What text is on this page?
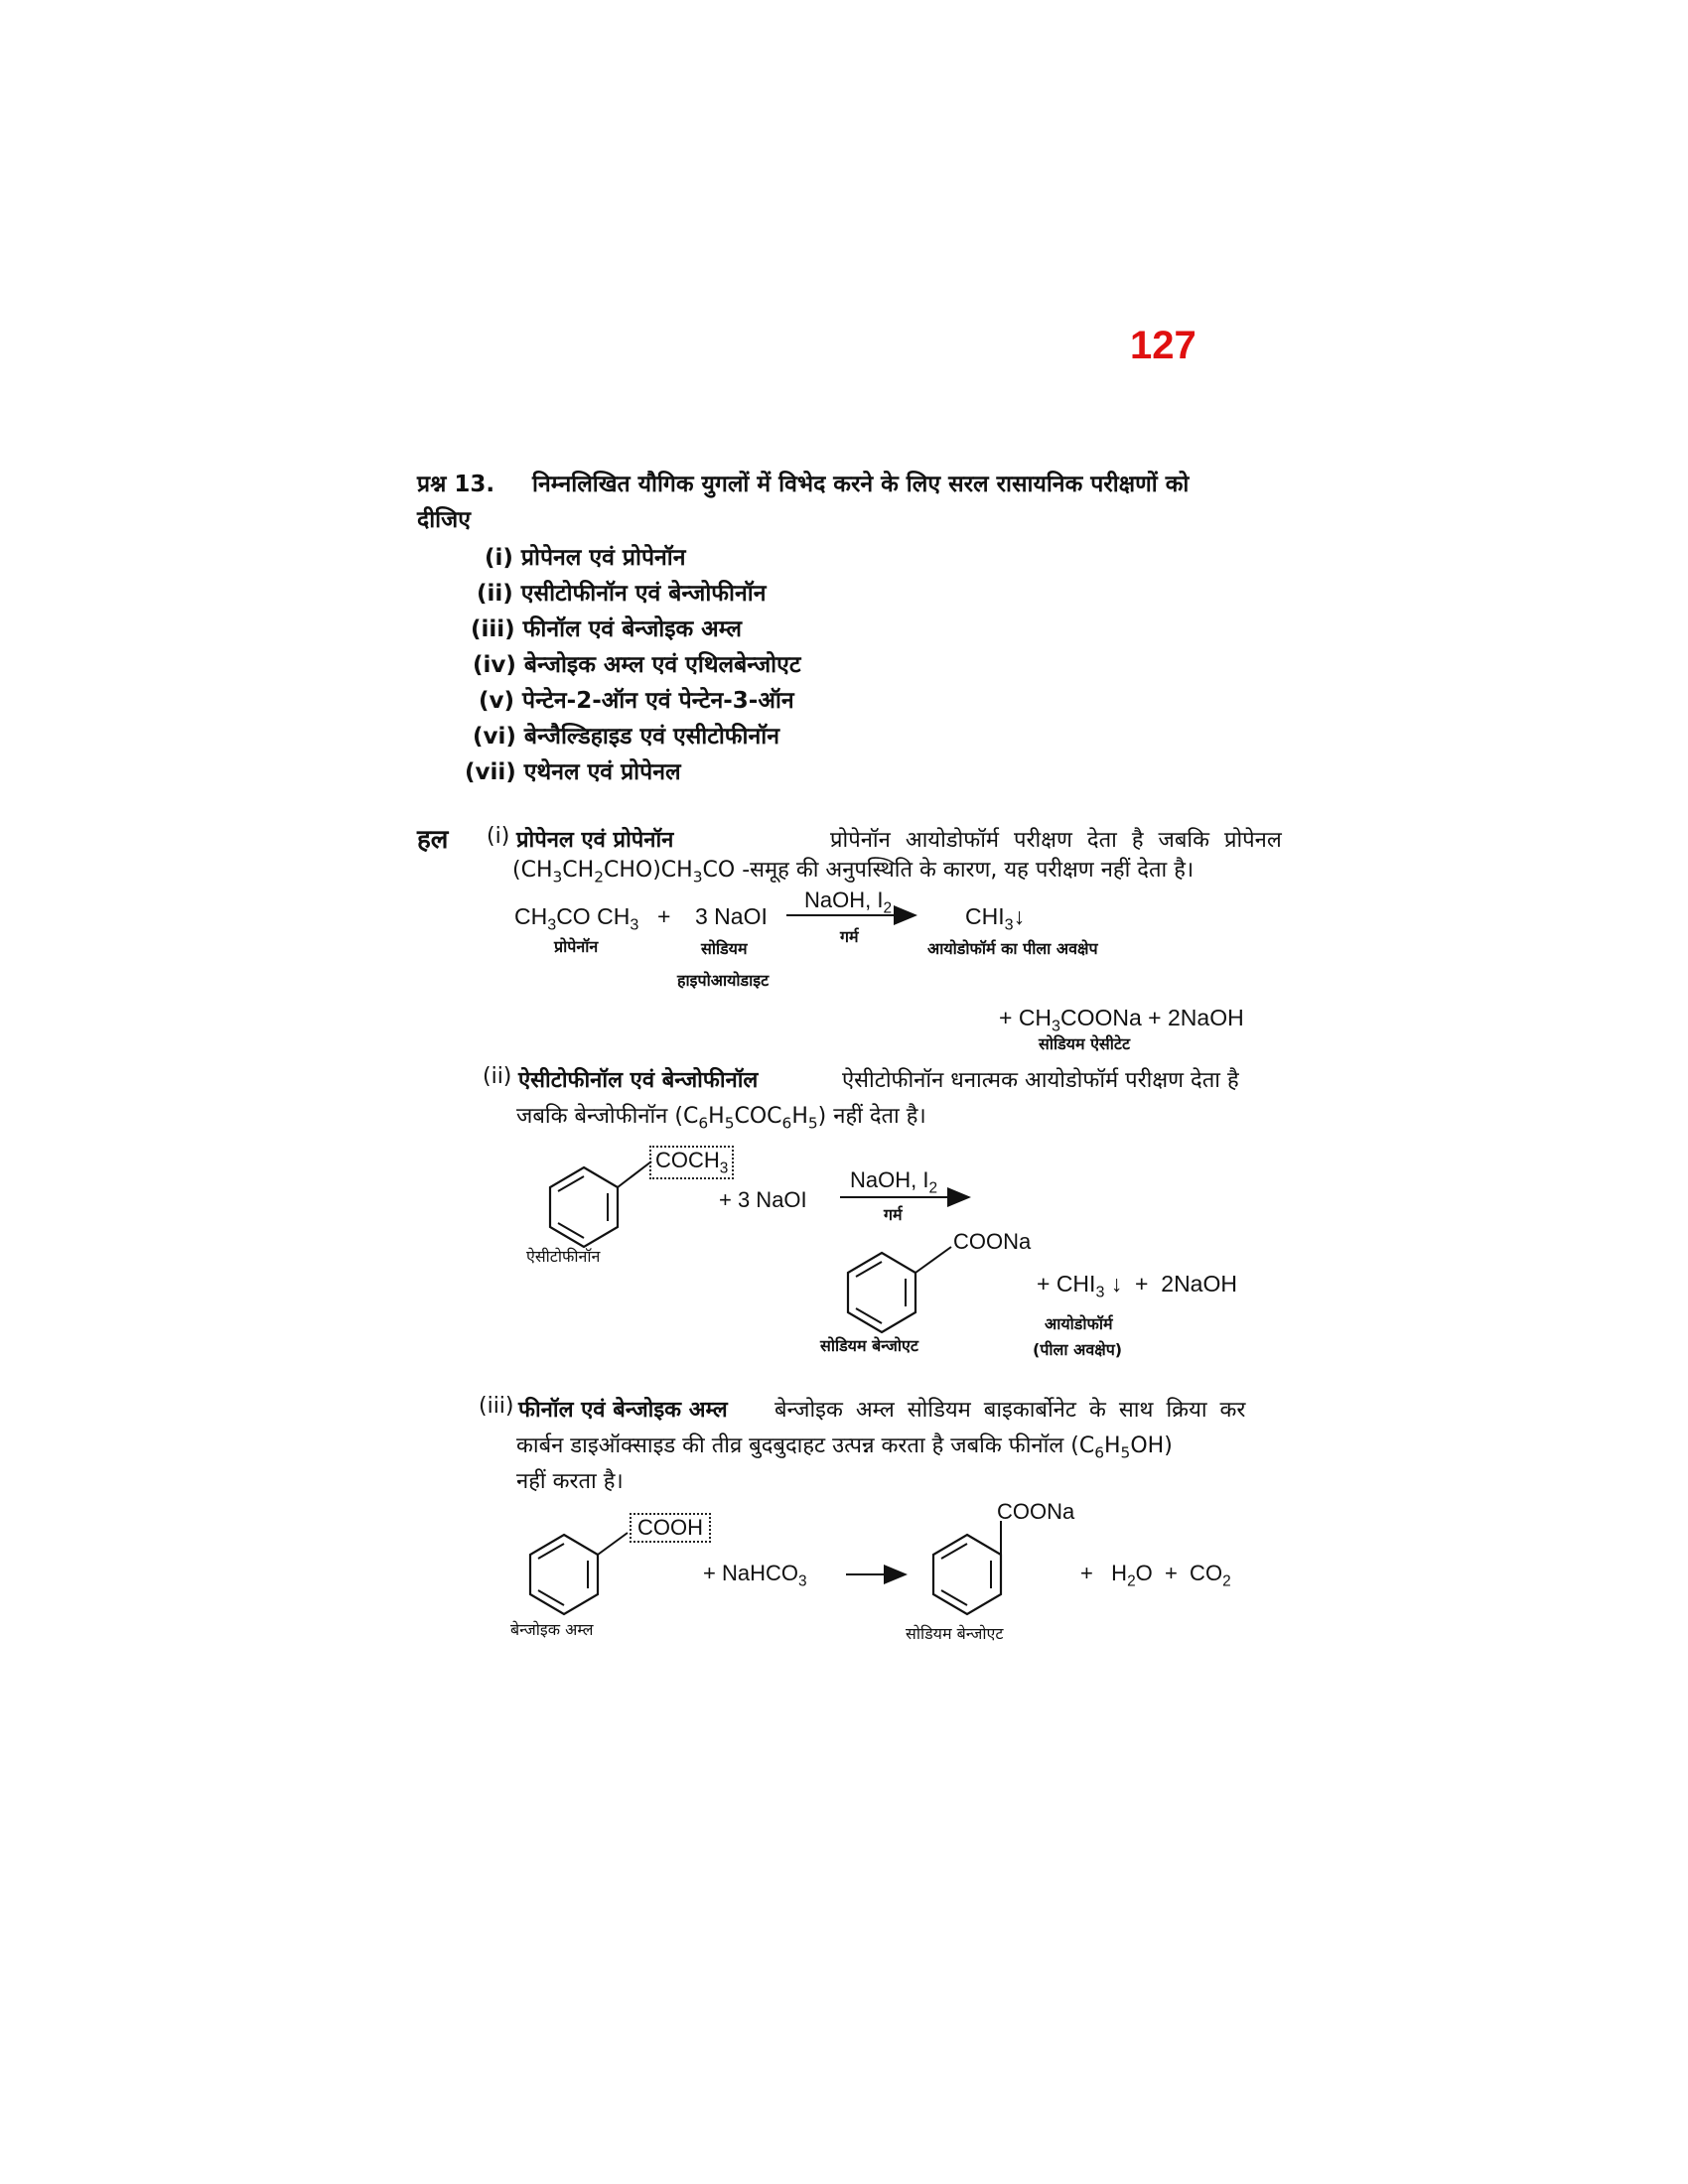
127
प्रश्न 13. निम्नलिखित यौगिक युगलों में विभेद करने के लिए सरल रासायनिक परीक्षणों को
दीजिए
(i) प्रोपेनल एवं प्रोपेनॉन
(ii) एसीटोफीनॉन एवं बेन्जोफीनॉन
(iii) फीनॉल एवं बेन्जोइक अम्ल
(iv) बेन्जोइक अम्ल एवं एथिलबेन्जोएट
(v) पेन्टेन-2-ऑन एवं पेन्टेन-3-ऑन
(vi) बेन्जैल्डिहाइड एवं एसीटोफीनॉन
(vii) एथेनल एवं प्रोपेनल
हल (i) प्रोपेनल एवं प्रोपेनॉन	प्रोपेनॉन आयोडोफॉर्म परीक्षण देता है जबकि प्रोपेनल
$(CH_3CH_2CHO)CH_3CO$ -समूह की अनुपस्थिति के कारण, यह परीक्षण नहीं देता है।
$CH_3CO$ $CH_3 + 3$ NaOI
NaOH, $I_2$
गर्म
$CHI_3↓$
प्रोपेनॉन	सोडियम
हाइपोआयोडाइट
आयोडोफॉर्म का पीला अवक्षेप
+ $CH_3COONa$ + 2NaOH
सोडियम ऐसीटेट
(ii) ऐसीटोफीनॉल एवं बेन्जोफीनॉल	ऐसीटोफीनॉन धनात्मक आयोडोफॉर्म परीक्षण देता है
जबकि बेन्जोफीनॉन $(C_6H_5COC_6H_5)$ नहीं देता है।
$COCH_3$
+ 3 NaOI
NaOH, $I_2$
गर्म
ऐसीटोफीनॉन
COONa
सोडियम बेन्जोएट
+ $CHI_3$ ↓  +  2NaOH
आयोडोफॉर्म
(पीला अवक्षेप)
(iii) फीनॉल एवं बेन्जोइक अम्ल बेन्जोइक अम्ल सोडियम बाइकार्बोनेट के साथ क्रिया कर
कार्बन डाइऑक्साइड की तीव्र बुदबुदाहट उत्पन्न करता है जबकि फीनॉल $(C_6H_5OH)$
नहीं करता है।
COOH
+ NaHCO$_3$
बेन्जोइक अम्ल
COONa
सोडियम बेन्जोएट
+   $H_2O + CO_2$
